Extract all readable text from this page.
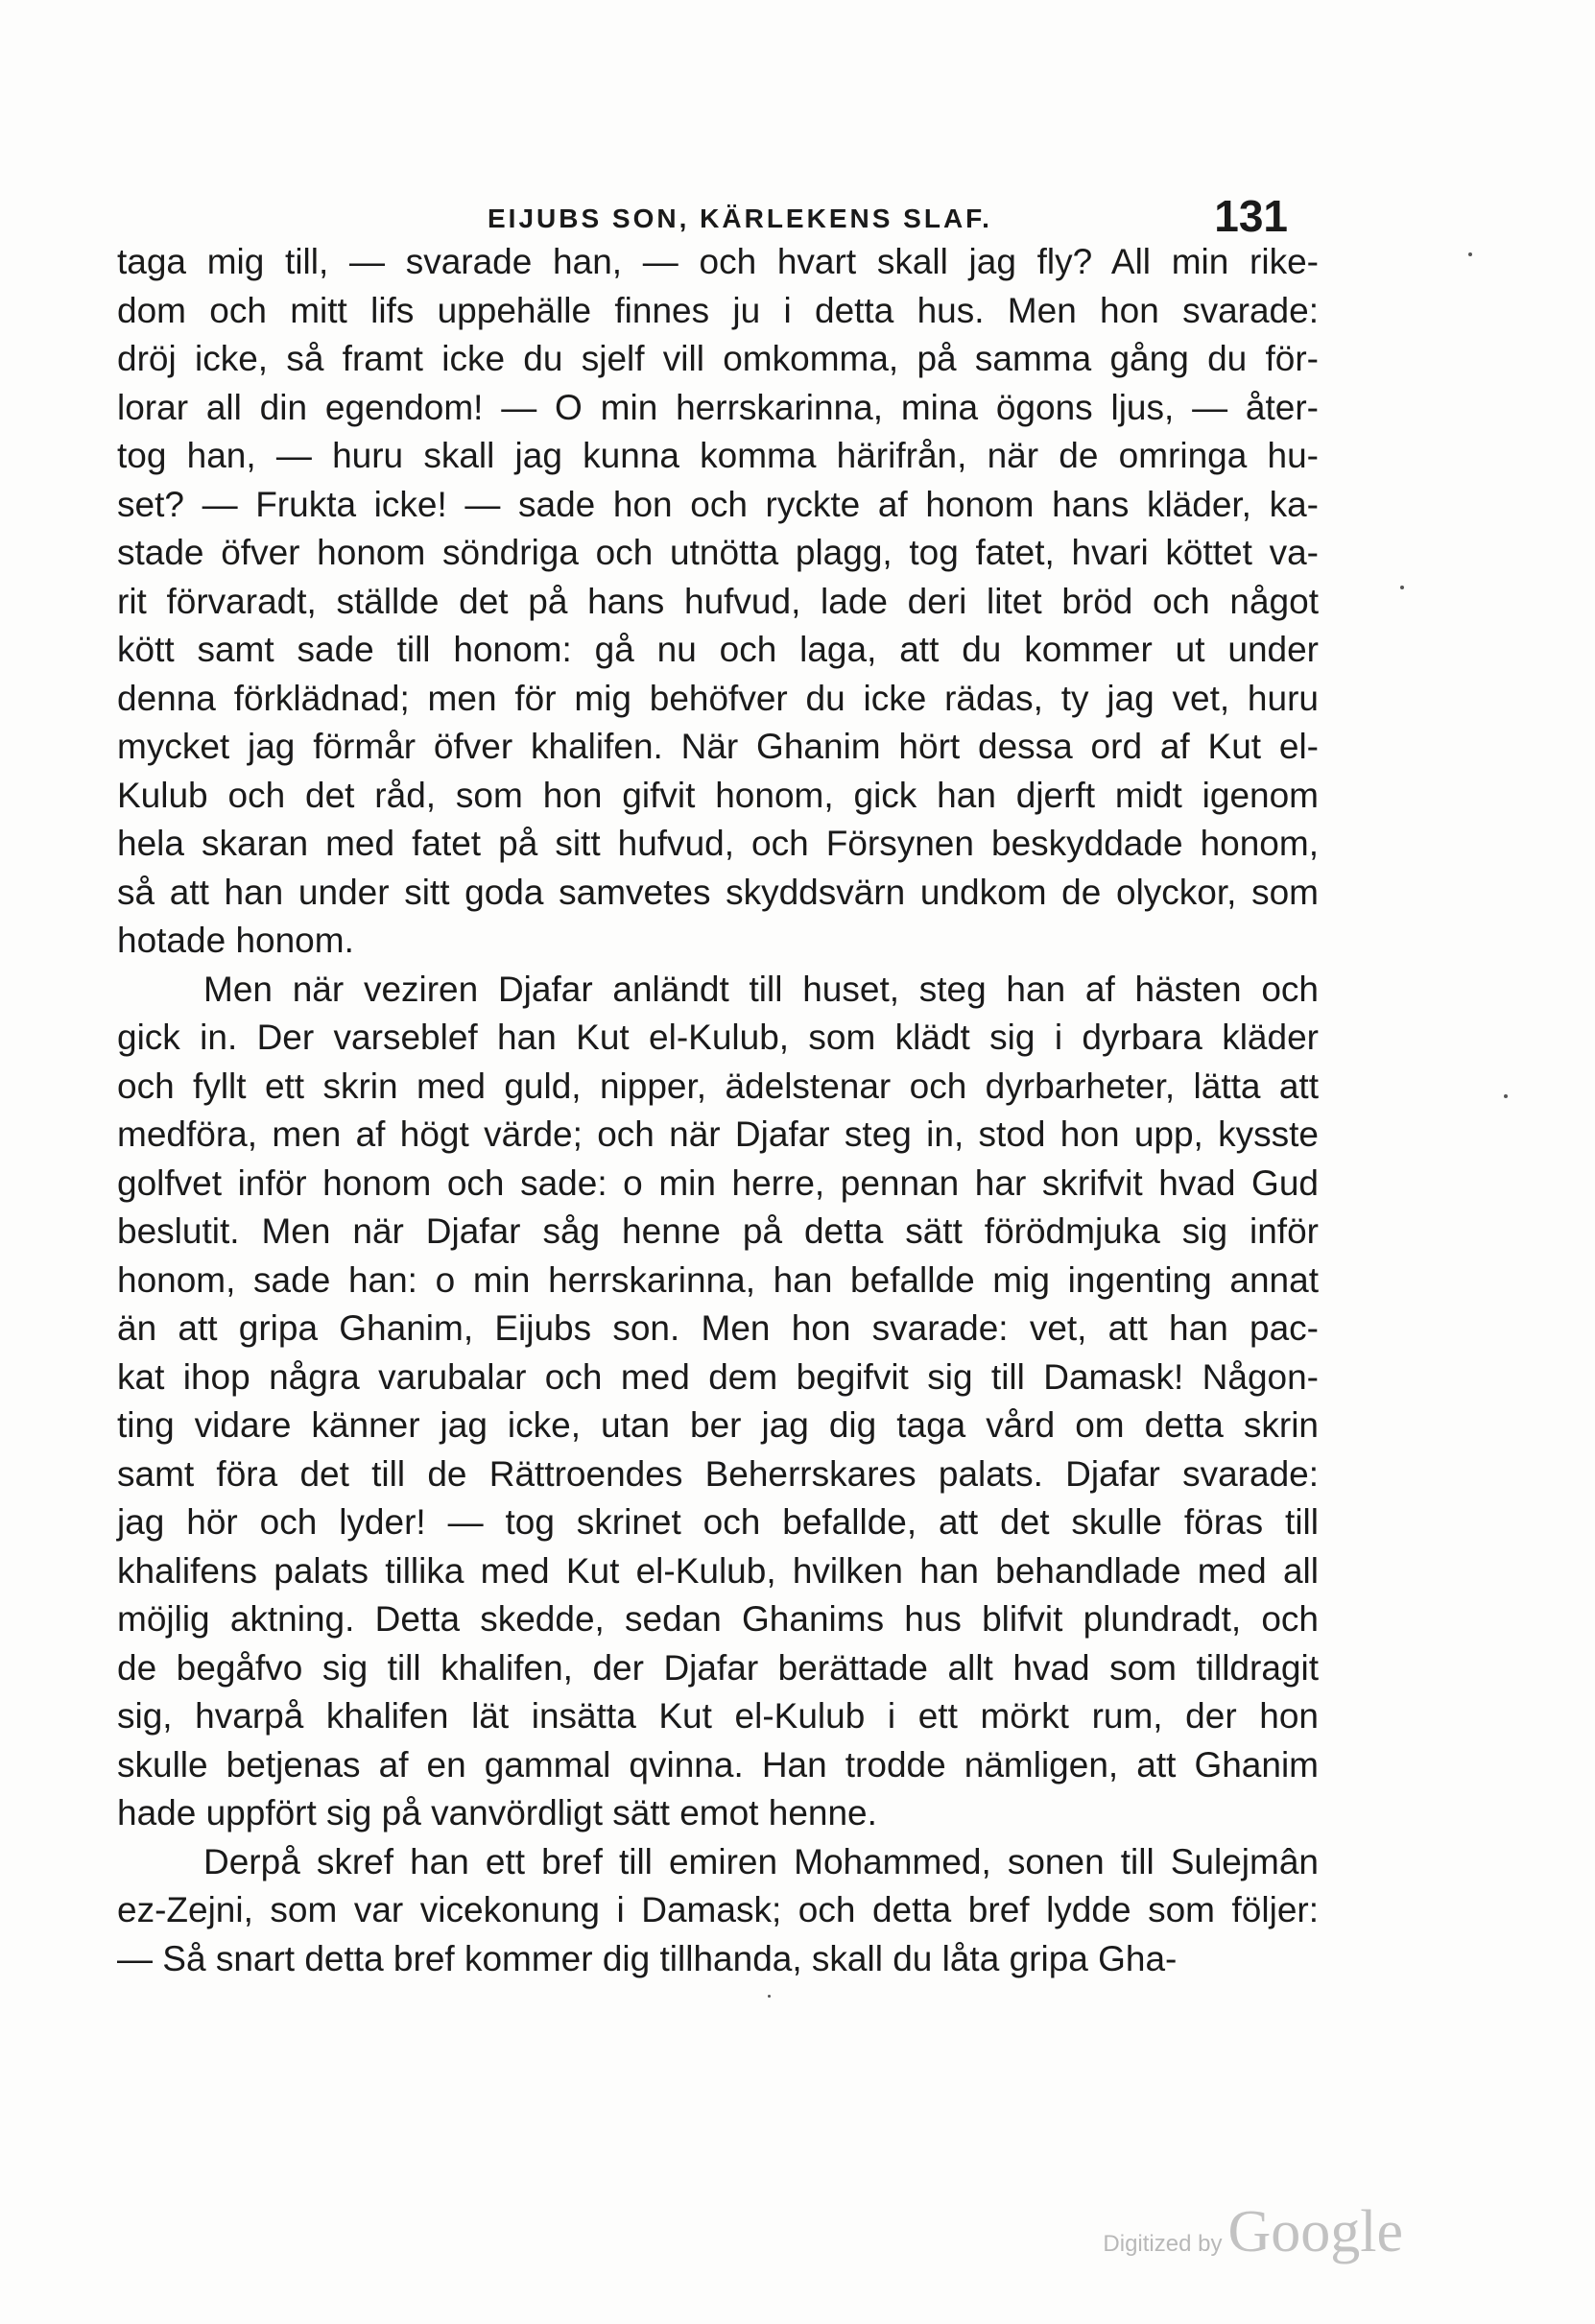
EIJUBS SON, KÄRLEKENS SLAF.	131
taga mig till, — svarade han, — och hvart skall jag fly? All min rike-
dom och mitt lifs uppehälle finnes ju i detta hus. Men hon svarade:
dröj icke, så framt icke du sjelf vill omkomma, på samma gång du för-
lorar all din egendom! — O min herrskarinna, mina ögons ljus, — åter-
tog han, — huru skall jag kunna komma härifrån, när de omringa hu-
set? — Frukta icke! — sade hon och ryckte af honom hans kläder, ka-
stade öfver honom söndriga och utnötta plagg, tog fatet, hvari köttet va-
rit förvaradt, ställde det på hans hufvud, lade deri litet bröd och något
kött samt sade till honom: gå nu och laga, att du kommer ut under
denna förklädnad; men för mig behöfver du icke rädas, ty jag vet, huru
mycket jag förmår öfver khalifen. När Ghanim hört dessa ord af Kut el-
Kulub och det råd, som hon gifvit honom, gick han djerft midt igenom
hela skaran med fatet på sitt hufvud, och Försynen beskyddade honom,
så att han under sitt goda samvetes skyddsvärn undkom de olyckor, som
hotade honom.
Men när veziren Djafar anländt till huset, steg han af hästen och
gick in. Der varseblef han Kut el-Kulub, som klädt sig i dyrbara kläder
och fyllt ett skrin med guld, nipper, ädelstenar och dyrbarheter, lätta att
medföra, men af högt värde; och när Djafar steg in, stod hon upp, kysste
golfvet inför honom och sade: o min herre, pennan har skrifvit hvad Gud
beslutit. Men när Djafar såg henne på detta sätt förödmjuka sig inför
honom, sade han: o min herrskarinna, han befallde mig ingenting annat
än att gripa Ghanim, Eijubs son. Men hon svarade: vet, att han pac-
kat ihop några varubalar och med dem begifvit sig till Damask! Någon-
ting vidare känner jag icke, utan ber jag dig taga vård om detta skrin
samt föra det till de Rättroendes Beherrskares palats. Djafar svarade:
jag hör och lyder! — tog skrinet och befallde, att det skulle föras till
khalifens palats tillika med Kut el-Kulub, hvilken han behandlade med all
möjlig aktning. Detta skedde, sedan Ghanims hus blifvit plundradt, och
de begåfvo sig till khalifen, der Djafar berättade allt hvad som tilldragit
sig, hvarpå khalifen lät insätta Kut el-Kulub i ett mörkt rum, der hon
skulle betjenas af en gammal qvinna. Han trodde nämligen, att Ghanim
hade uppfört sig på vanvördligt sätt emot henne.
Derpå skref han ett bref till emiren Mohammed, sonen till Sulejmân
ez-Zejni, som var vicekonung i Damask; och detta bref lydde som följer:
— Så snart detta bref kommer dig tillhanda, skall du låta gripa Gha-
Digitized by Google
